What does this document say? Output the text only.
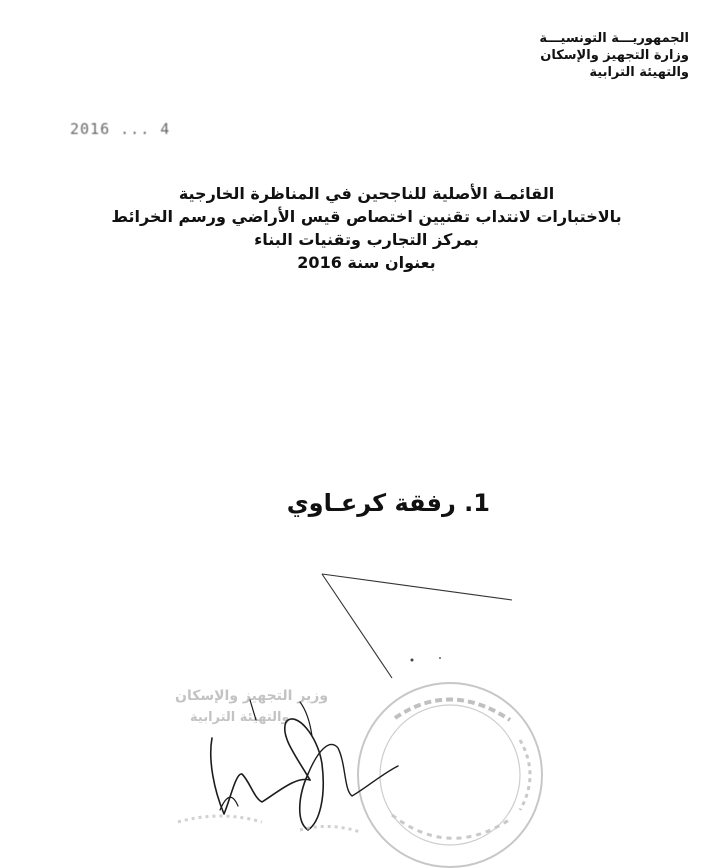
الجمهوريـــة التونسيـــة
وزارة التجهيز والإسكان
والتهيئة الترابية
2016 ... 4
القائمـة الأصلية للناجحين في المناظرة الخارجية
بالاختبارات لانتداب تقنيين اختصاص قيس الأراضي ورسم الخرائط
بمركز التجارب وتقنيات البناء
بعنوان سنة 2016
1. رفقة كرعـاوي
وزير التجهيز والإسكان
والتهيئة الترابية
